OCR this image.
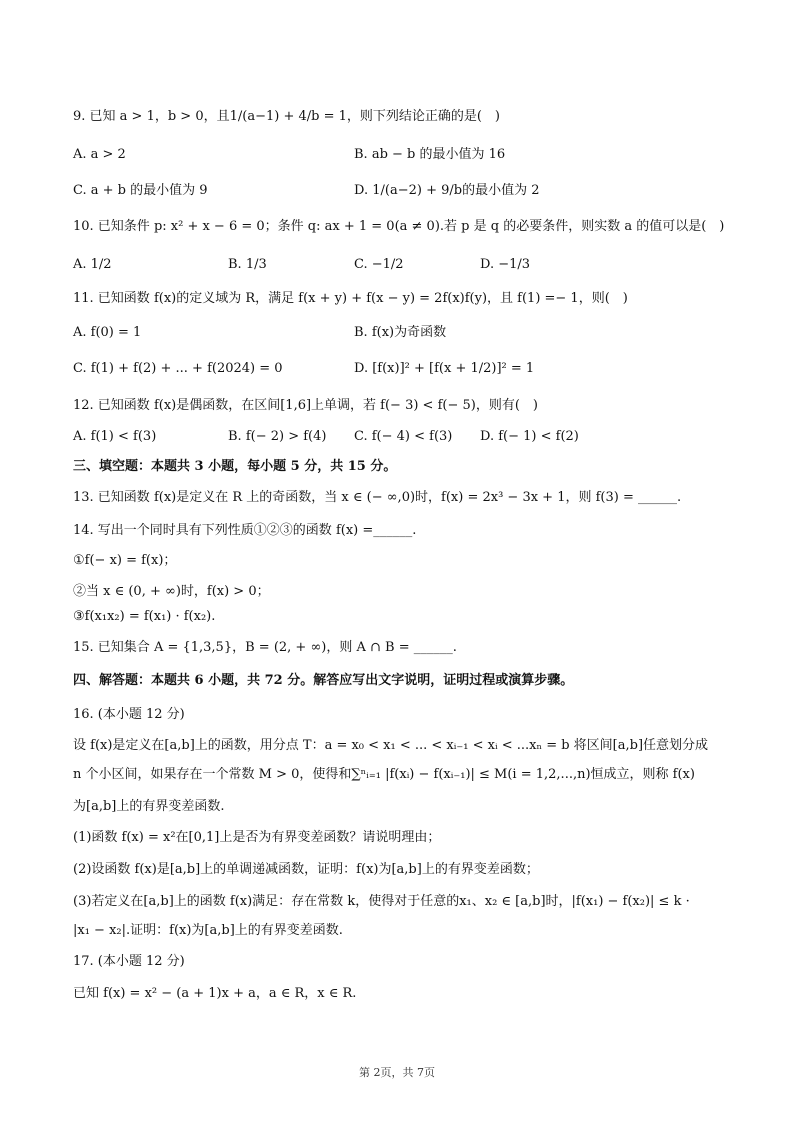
9. 已知 a > 1，b > 0，且1/(a−1) + 4/b = 1，则下列结论正确的是(　)
A. a > 2	B. ab − b 的最小值为 16
C. a + b 的最小值为 9	D. 1/(a−2) + 9/b的最小值为 2
10. 已知条件 p: x² + x − 6 = 0；条件 q: ax + 1 = 0(a ≠ 0).若 p 是 q 的必要条件，则实数 a 的值可以是(　)
A. 1/2	B. 1/3	C. −1/2	D. −1/3
11. 已知函数 f(x)的定义域为 R，满足 f(x + y) + f(x − y) = 2f(x)f(y)，且 f(1) =− 1，则(　)
A. f(0) = 1	B. f(x)为奇函数
C. f(1) + f(2) + ... + f(2024) = 0	D. [f(x)]² + [f(x + 1/2)]² = 1
12. 已知函数 f(x)是偶函数，在区间[1,6]上单调，若 f(− 3) < f(− 5)，则有(　)
A. f(1) < f(3)	B. f(− 2) > f(4) C. f(− 4) < f(3) D. f(− 1) < f(2)
三、填空题：本题共 3 小题，每小题 5 分，共 15 分。
13. 已知函数 f(x)是定义在 R 上的奇函数，当 x ∈ (− ∞,0)时，f(x) = 2x³ − 3x + 1，则 f(3) = ______.
14. 写出一个同时具有下列性质①②③的函数 f(x) =______.
①f(− x) = f(x)；
②当 x ∈ (0, + ∞)时，f(x) > 0；
③f(x₁x₂) = f(x₁) · f(x₂).
15. 已知集合 A = {1,3,5}，B = (2, + ∞)，则 A ∩ B = ______.
四、解答题：本题共 6 小题，共 72 分。解答应写出文字说明，证明过程或演算步骤。
16. (本小题 12 分)
设 f(x)是定义在[a,b]上的函数，用分点 T：a = x₀ < x₁ < ... < xᵢ₋₁ < xᵢ < ...xₙ = b 将区间[a,b]任意划分成
n 个小区间，如果存在一个常数 M > 0，使得和∑ⁿᵢ₌₁ |f(xᵢ) − f(xᵢ₋₁)| ≤ M(i = 1,2,...,n)恒成立，则称 f(x)
为[a,b]上的有界变差函数.
(1)函数 f(x) = x²在[0,1]上是否为有界变差函数？请说明理由；
(2)设函数 f(x)是[a,b]上的单调递减函数，证明：f(x)为[a,b]上的有界变差函数；
(3)若定义在[a,b]上的函数 f(x)满足：存在常数 k，使得对于任意的x₁、x₂ ∈ [a,b]时，|f(x₁) − f(x₂)| ≤ k ·
|x₁ − x₂|.证明：f(x)为[a,b]上的有界变差函数.
17. (本小题 12 分)
已知 f(x) = x² − (a + 1)x + a，a ∈ R，x ∈ R.
第 2页，共 7页
